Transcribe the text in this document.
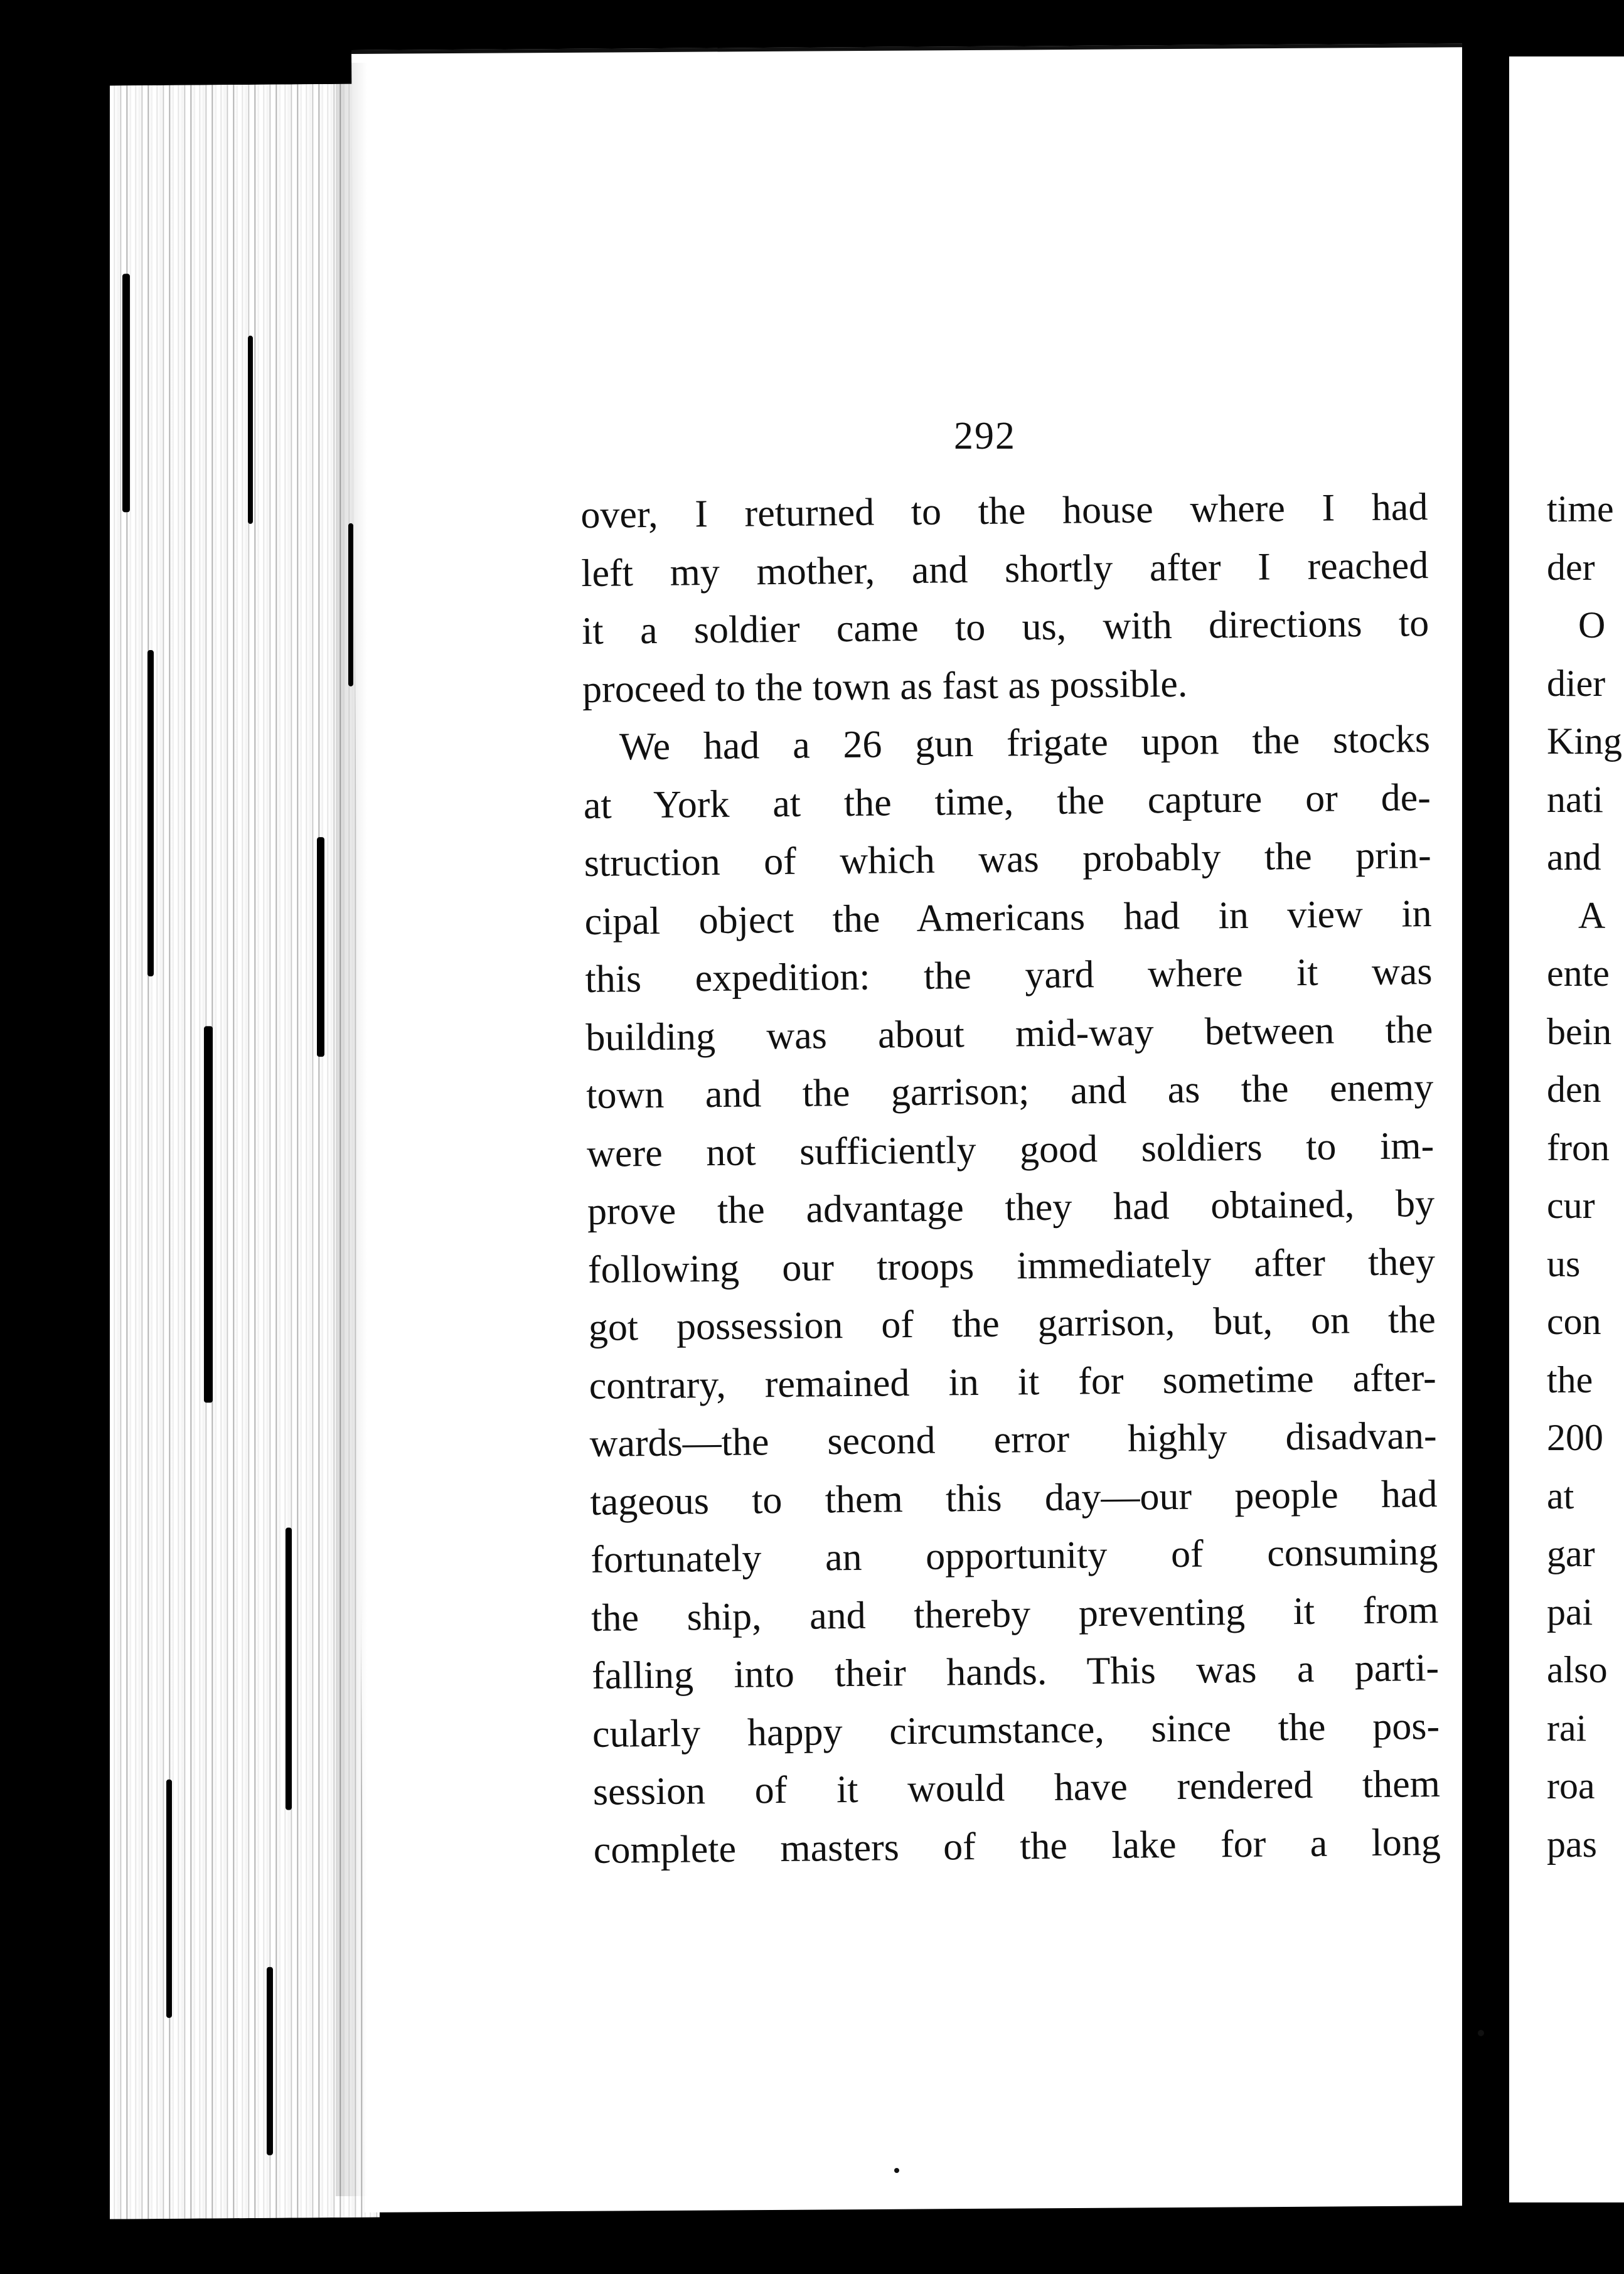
292
over, I returned to the house where I had
left my mother, and shortly after I reached
it a soldier came to us, with directions to
proceed to the town as fast as possible.
We had a 26 gun frigate upon the stocks
at York at the time, the capture or de-
struction of which was probably the prin-
cipal object the Americans had in view in
this expedition: the yard where it was
building was about mid-way between the
town and the garrison; and as the enemy
were not sufficiently good soldiers to im-
prove the advantage they had obtained, by
following our troops immediately after they
got possession of the garrison, but, on the
contrary, remained in it for sometime after-
wards—the second error highly disadvan-
tageous to them this day—our people had
fortunately an opportunity of consuming
the ship, and thereby preventing it from
falling into their hands. This was a parti-
cularly happy circumstance, since the pos-
session of it would have rendered them
complete masters of the lake for a long
time
der
O
dier
King
nati
and
A
ente
bein
den
fron
cur
us
con
the
200
at
gar
pai
also
rai
roa
pas
